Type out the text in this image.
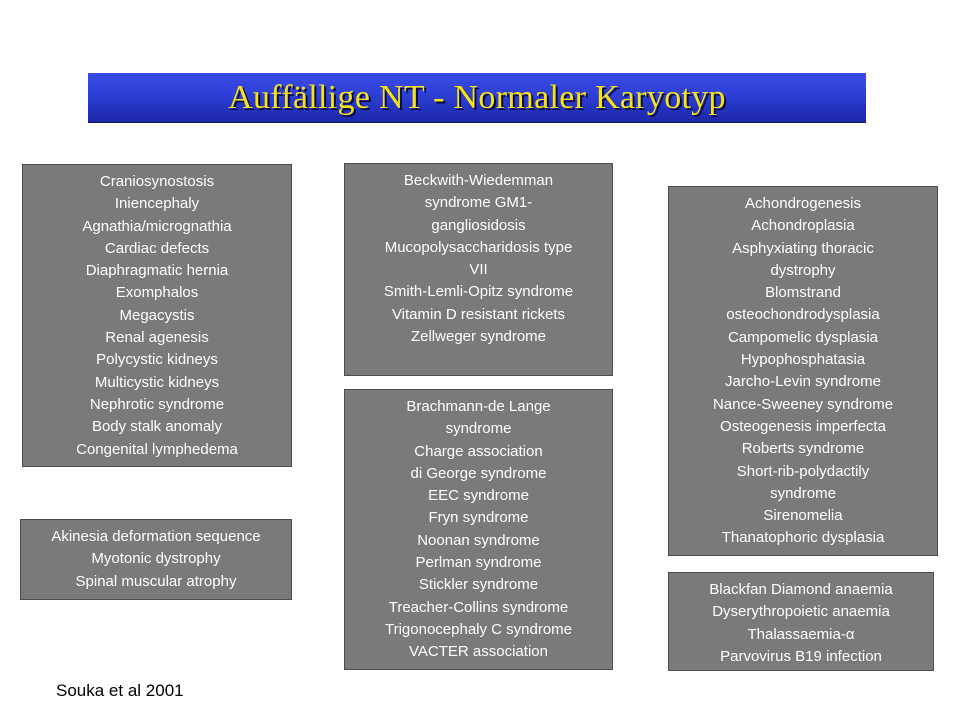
Auffällige NT - Normaler Karyotyp
Craniosynostosis
Iniencephaly
Agnathia/micrognathia
Cardiac defects
Diaphragmatic hernia
Exomphalos
Megacystis
Renal agenesis
Polycystic kidneys
Multicystic kidneys
Nephrotic syndrome
Body stalk anomaly
Congenital lymphedema
Akinesia deformation sequence
Myotonic dystrophy
Spinal muscular atrophy
Beckwith-Wiedemman
syndrome GM1-
gangliosidosis
Mucopolysaccharidosis type
VII
Smith-Lemli-Opitz syndrome
Vitamin D resistant rickets
Zellweger syndrome
Brachmann-de Lange
syndrome
Charge association
di George syndrome
EEC syndrome
Fryn syndrome
Noonan syndrome
Perlman syndrome
Stickler syndrome
Treacher-Collins syndrome
Trigonocephaly C syndrome
VACTER association
Achondrogenesis
Achondroplasia
Asphyxiating thoracic
dystrophy
Blomstrand
osteochondrodysplasia
Campomelic dysplasia
Hypophosphatasia
Jarcho-Levin syndrome
Nance-Sweeney syndrome
Osteogenesis imperfecta
Roberts syndrome
Short-rib-polydactily
syndrome
Sirenomelia
Thanatophoric dysplasia
Blackfan Diamond anaemia
Dyserythropoietic anaemia
Thalassaemia-α
Parvovirus B19 infection
Souka et al 2001
